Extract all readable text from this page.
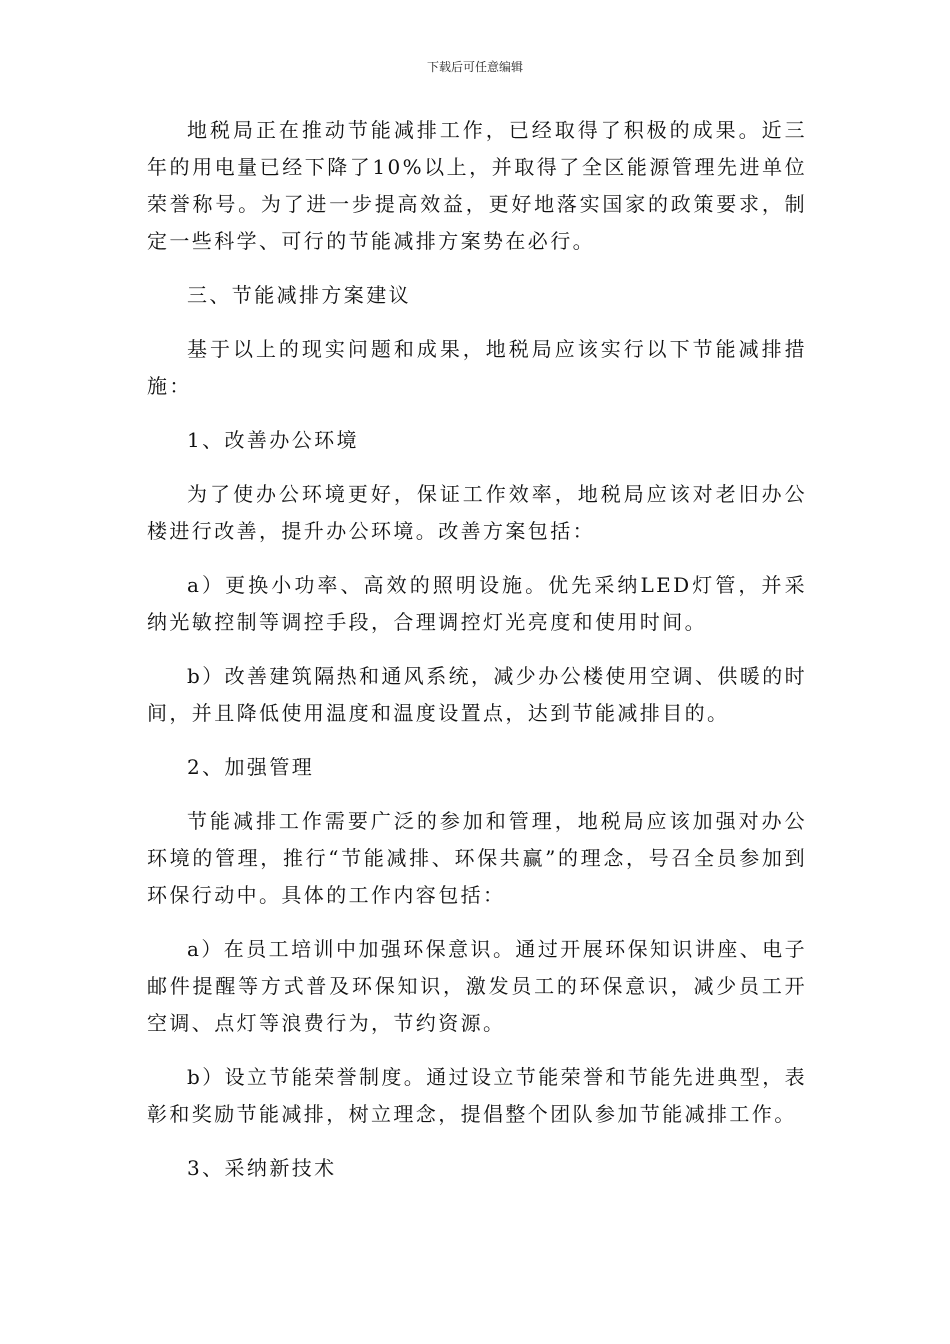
下载后可任意编辑

地税局正在推动节能减排工作，已经取得了积极的成果。近三年的用电量已经下降了10%以上，并取得了全区能源管理先进单位荣誉称号。为了进一步提高效益，更好地落实国家的政策要求，制定一些科学、可行的节能减排方案势在必行。

三、节能减排方案建议

基于以上的现实问题和成果，地税局应该实行以下节能减排措施：

1、改善办公环境

为了使办公环境更好，保证工作效率，地税局应该对老旧办公楼进行改善，提升办公环境。改善方案包括：

a）更换小功率、高效的照明设施。优先采纳LED灯管，并采纳光敏控制等调控手段，合理调控灯光亮度和使用时间。

b）改善建筑隔热和通风系统，减少办公楼使用空调、供暖的时间，并且降低使用温度和温度设置点，达到节能减排目的。

2、加强管理

节能减排工作需要广泛的参加和管理，地税局应该加强对办公环境的管理，推行“节能减排、环保共赢”的理念，号召全员参加到环保行动中。具体的工作内容包括：

a）在员工培训中加强环保意识。通过开展环保知识讲座、电子邮件提醒等方式普及环保知识，激发员工的环保意识，减少员工开空调、点灯等浪费行为，节约资源。

b）设立节能荣誉制度。通过设立节能荣誉和节能先进典型，表彰和奖励节能减排，树立理念，提倡整个团队参加节能减排工作。

3、采纳新技术
